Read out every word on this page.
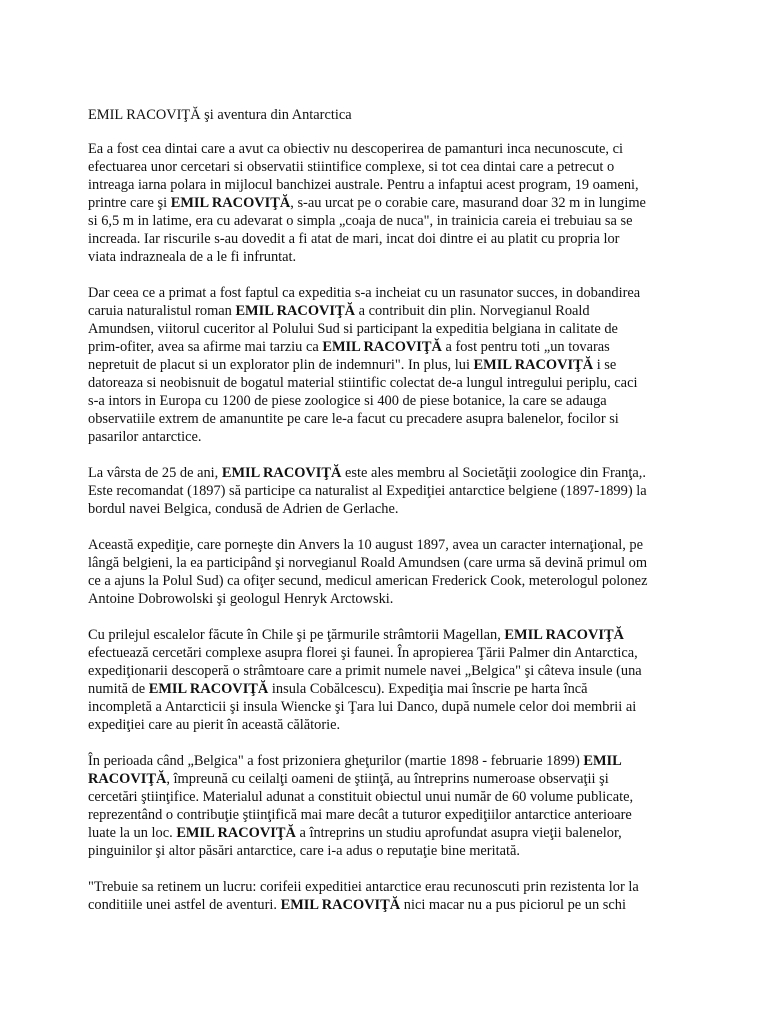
EMIL RACOVIŢĂ şi aventura din Antarctica

Ea a fost cea dintai care a avut ca obiectiv nu descoperirea de pamanturi inca necunoscute, ci
efectuarea unor cercetari si observatii stiintifice complexe, si tot cea dintai care a petrecut o
intreaga iarna polara in mijlocul banchizei australe. Pentru a infaptui acest program, 19 oameni,
printre care şi EMIL RACOVIŢĂ, s-au urcat pe o corabie care, masurand doar 32 m in lungime
si 6,5 m in latime, era cu adevarat o simpla „coaja de nuca", in trainicia careia ei trebuiau sa se
increada. Iar riscurile s-au dovedit a fi atat de mari, incat doi dintre ei au platit cu propria lor
viata indrazneala de a le fi infruntat.

Dar ceea ce a primat a fost faptul ca expeditia s-a incheiat cu un rasunator succes, in dobandirea
caruia naturalistul roman EMIL RACOVIŢĂ a contribuit din plin. Norvegianul Roald
Amundsen, viitorul cuceritor al Polului Sud si participant la expeditia belgiana in calitate de
prim-ofiter, avea sa afirme mai tarziu ca EMIL RACOVIŢĂ a fost pentru toti „un tovaras
nepretuit de placut si un explorator plin de indemnuri". In plus, lui EMIL RACOVIŢĂ i se
datoreaza si neobisnuit de bogatul material stiintific colectat de-a lungul intregului periplu, caci
s-a intors in Europa cu 1200 de piese zoologice si 400 de piese botanice, la care se adauga
observatiile extrem de amanuntite pe care le-a facut cu precadere asupra balenelor, focilor si
pasarilor antarctice.

La vârsta de 25 de ani, EMIL RACOVIŢĂ este ales membru al Societăţii zoologice din Franţa,.
Este recomandat (1897) să participe ca naturalist al Expediţiei antarctice belgiene (1897-1899) la
bordul navei Belgica, condusă de Adrien de Gerlache.

Această expediţie, care porneşte din Anvers la 10 august 1897, avea un caracter internaţional, pe
lângă belgieni, la ea participând şi norvegianul Roald Amundsen (care urma să devină primul om
ce a ajuns la Polul Sud) ca ofiţer secund, medicul american Frederick Cook, meterologul polonez
Antoine Dobrowolski şi geologul Henryk Arctowski.

Cu prilejul escalelor făcute în Chile şi pe ţărmurile strâmtorii Magellan, EMIL RACOVIŢĂ
efectuează cercetări complexe asupra florei şi faunei. În apropierea Ţării Palmer din Antarctica,
expediţionarii descoperă o strâmtoare care a primit numele navei „Belgica" şi câteva insule (una
numită de EMIL RACOVIŢĂ insula Cobălcescu). Expediţia mai înscrie pe harta încă
incompletă a Antarcticii şi insula Wiencke şi Ţara lui Danco, după numele celor doi membrii ai
expediţiei care au pierit în această călătorie.

În perioada când „Belgica" a fost prizoniera gheţurilor (martie 1898 - februarie 1899) EMIL
RACOVIŢĂ, împreună cu ceilalţi oameni de ştiinţă, au întreprins numeroase observaţii şi
cercetări ştiinţifice. Materialul adunat a constituit obiectul unui număr de 60 volume publicate,
reprezentând o contribuţie ştiinţifică mai mare decât a tuturor expediţiilor antarctice anterioare
luate la un loc. EMIL RACOVIŢĂ a întreprins un studiu aprofundat asupra vieţii balenelor,
pinguinilor şi altor păsări antarctice, care i-a adus o reputaţie bine meritată.

"Trebuie sa retinem un lucru: corifeii expeditiei antarctice erau recunoscuti prin rezistenta lor la
conditiile unei astfel de aventuri. EMIL RACOVIŢĂ nici macar nu a pus piciorul pe un schi
